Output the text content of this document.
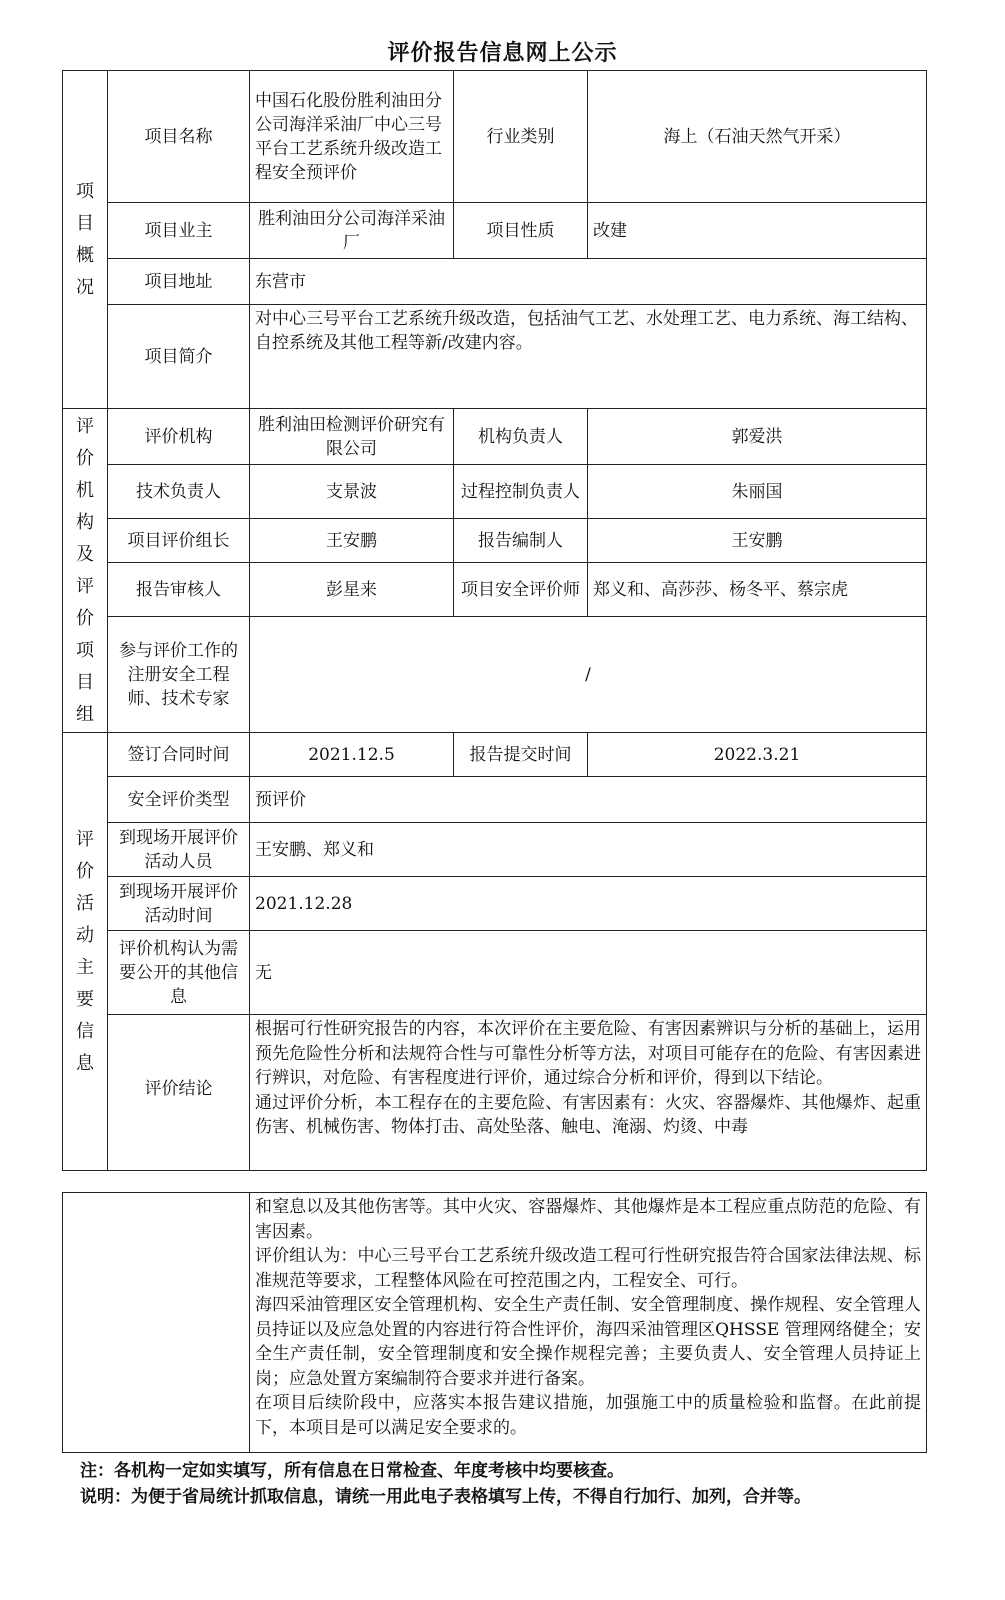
评价报告信息网上公示
项目概况	项目名称	中国石化股份胜利油田分公司海洋采油厂中心三号平台工艺系统升级改造工程安全预评价	行业类别	海上（石油天然气开采）
	项目业主	胜利油田分公司海洋采油厂	项目性质	改建
	项目地址	东营市		
	项目简介	对中心三号平台工艺系统升级改造，包括油气工艺、水处理工艺、电力系统、海工结构、自控系统及其他工程等新/改建内容。		
评价机构及评价项目组	评价机构	胜利油田检测评价研究有限公司	机构负责人	郭爱洪
	技术负责人	支景波	过程控制负责人	朱丽国
	项目评价组长	王安鹏	报告编制人	王安鹏
	报告审核人	彭星来	项目安全评价师	郑义和、高莎莎、杨冬平、蔡宗虎
	参与评价工作的注册安全工程师、技术专家	/		
评价活动主要信息	签订合同时间	2021.12.5	报告提交时间	2022.3.21
	安全评价类型	预评价		
	到现场开展评价活动人员	王安鹏、郑义和		
	到现场开展评价活动时间	2021.12.28		
	评价机构认为需要公开的其他信息	无		
	评价结论	根据可行性研究报告的内容，本次评价在主要危险、有害因素辨识与分析的基础上，运用预先危险性分析和法规符合性与可靠性分析等方法，对项目可能存在的危险、有害因素进行辨识，对危险、有害程度进行评价，通过综合分析和评价，得到以下结论。
通过评价分析，本工程存在的主要危险、有害因素有：火灾、容器爆炸、其他爆炸、起重伤害、机械伤害、物体打击、高处坠落、触电、淹溺、灼烫、中毒		

和窒息以及其他伤害等。其中火灾、容器爆炸、其他爆炸是本工程应重点防范的危险、有害因素。
评价组认为：中心三号平台工艺系统升级改造工程可行性研究报告符合国家法律法规、标准规范等要求，工程整体风险在可控范围之内，工程安全、可行。
海四采油管理区安全管理机构、安全生产责任制、安全管理制度、操作规程、安全管理人员持证以及应急处置的内容进行符合性评价，海四采油管理区QHSSE 管理网络健全；安全生产责任制，安全管理制度和安全操作规程完善；主要负责人、安全管理人员持证上岗；应急处置方案编制符合要求并进行备案。
在项目后续阶段中，应落实本报告建议措施，加强施工中的质量检验和监督。在此前提下，本项目是可以满足安全要求的。
注：各机构一定如实填写，所有信息在日常检查、年度考核中均要核查。
说明：为便于省局统计抓取信息，请统一用此电子表格填写上传，不得自行加行、加列，合并等。
